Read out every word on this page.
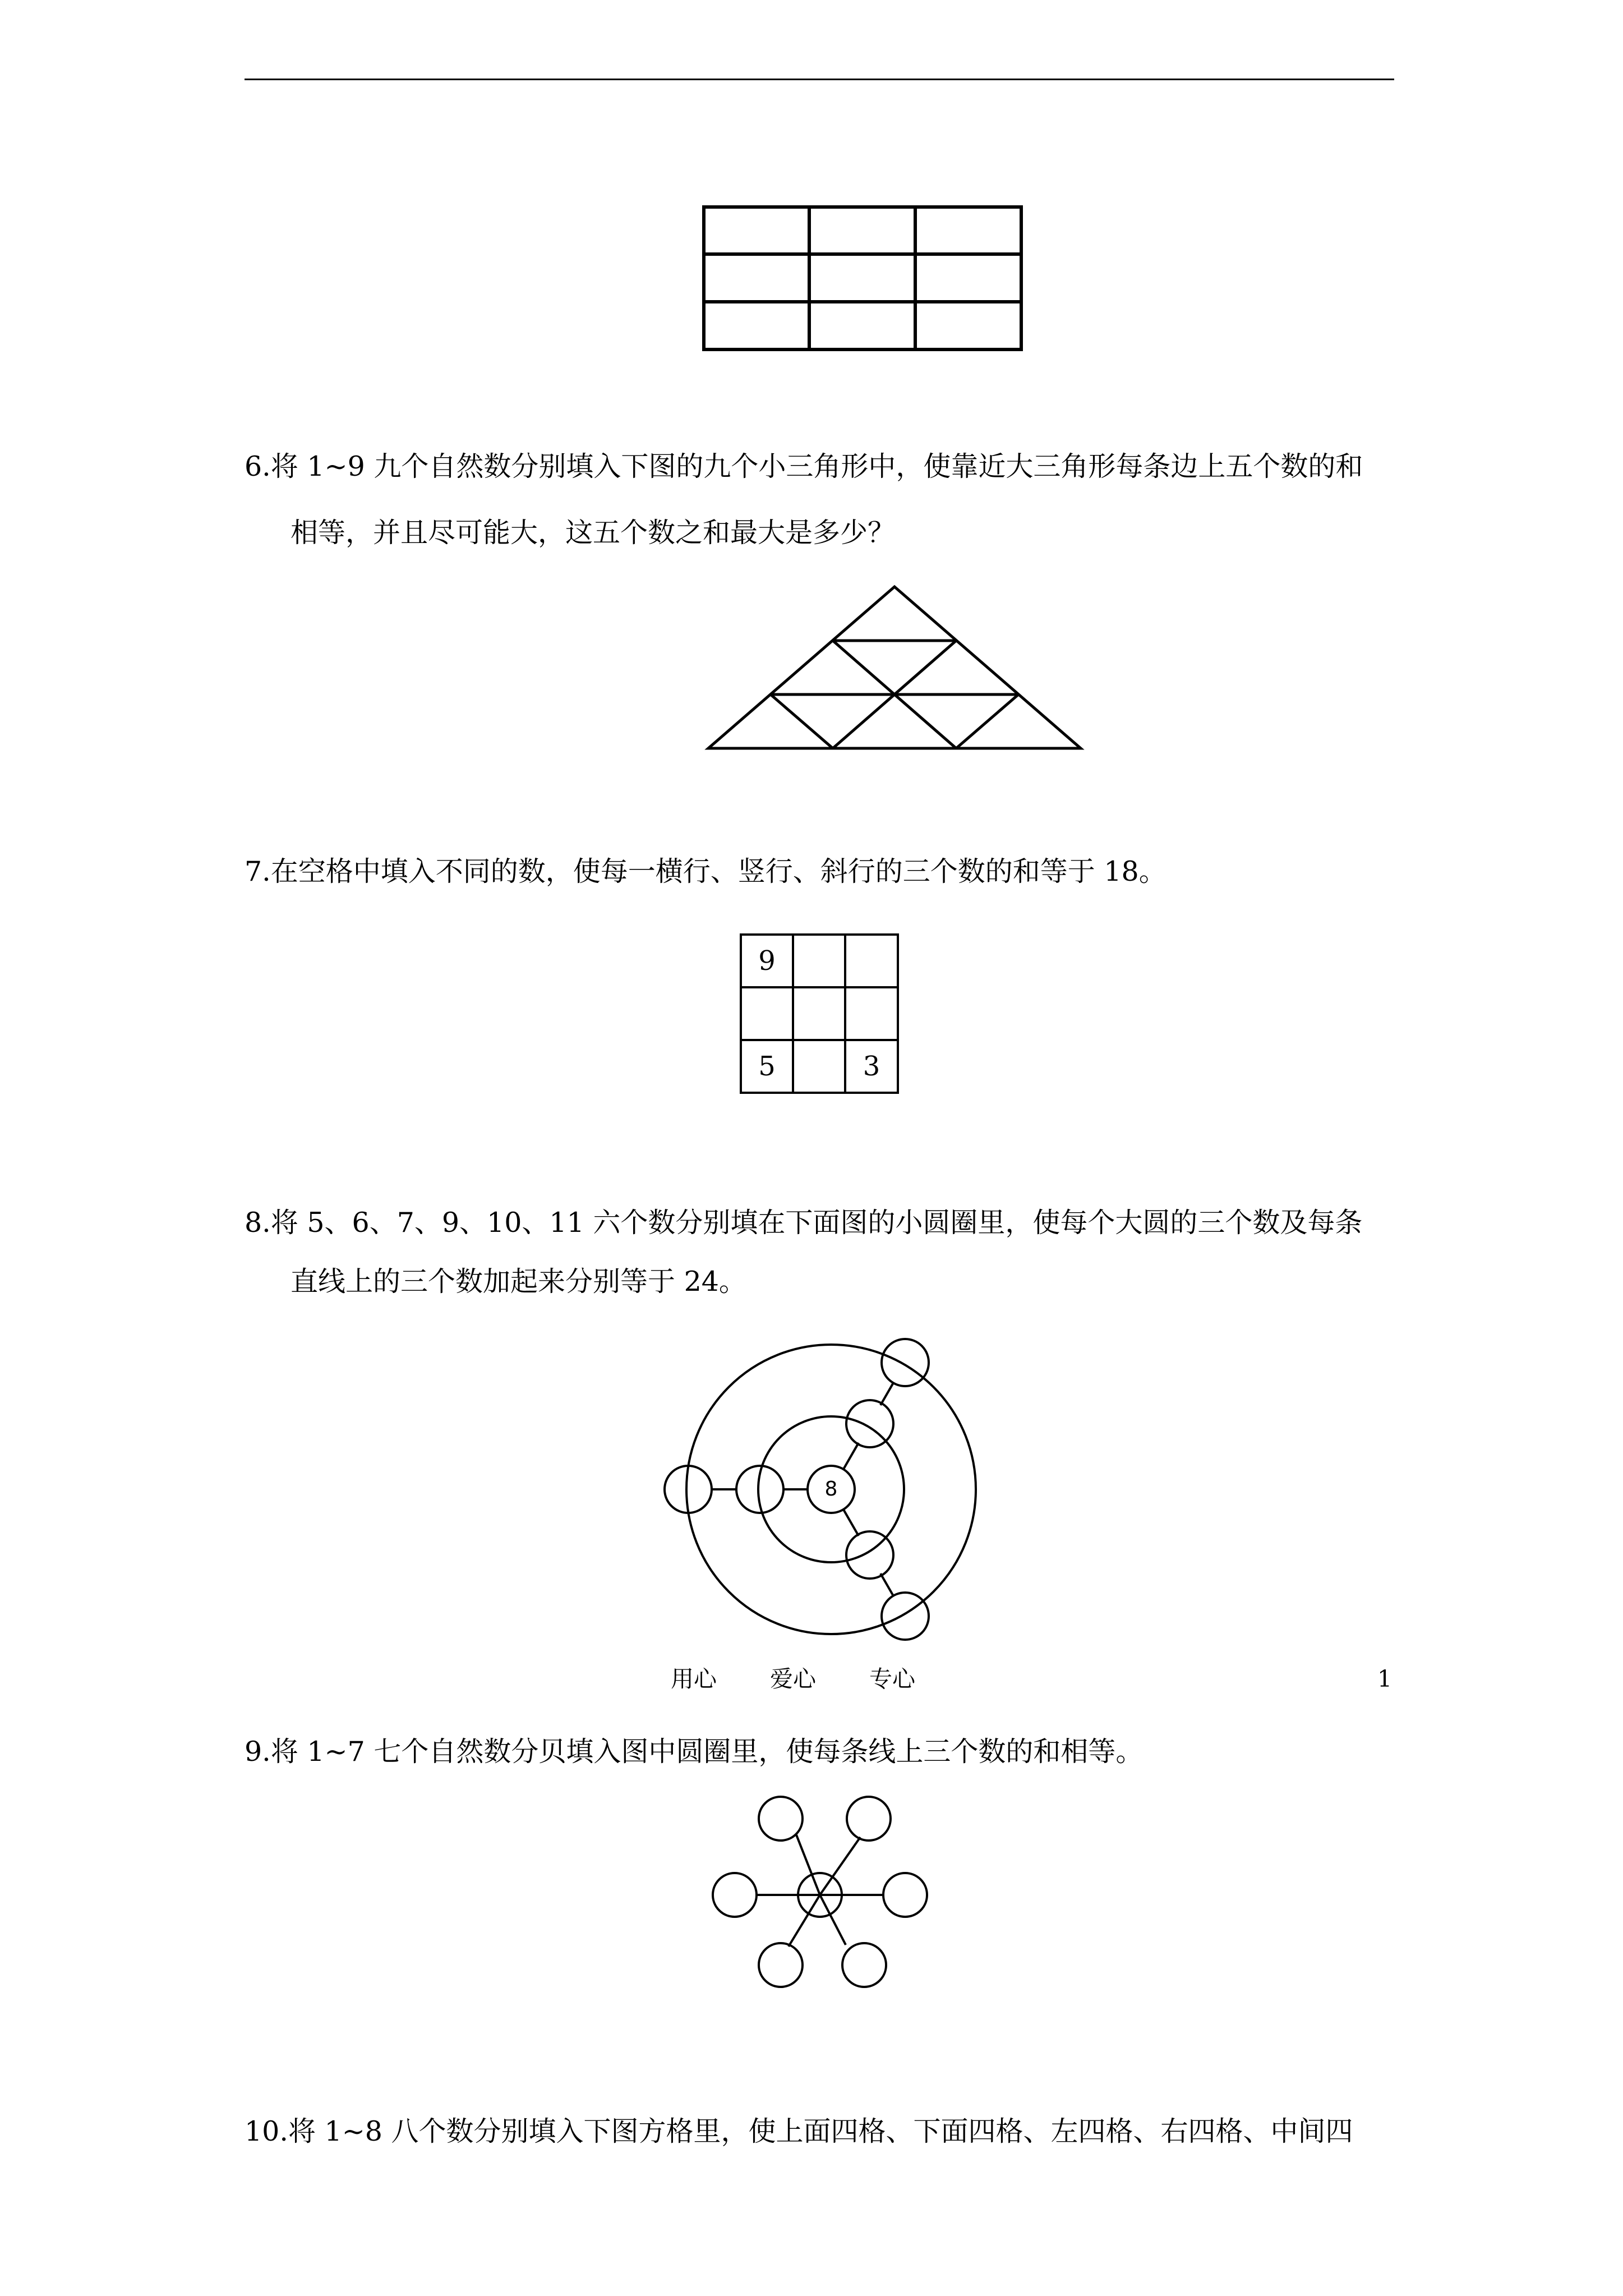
6.将 1~9 九个自然数分别填入下图的九个小三角形中，使靠近大三角形每条边上五个数的和
相等，并且尽可能大，这五个数之和最大是多少？
7.在空格中填入不同的数，使每一横行、竖行、斜行的三个数的和等于 18。
9
5	3
8.将 5、6、7、9、10、11 六个数分别填在下面图的小圆圈里，使每个大圆的三个数及每条
直线上的三个数加起来分别等于 24。
8
9.将 1~7 七个自然数分贝填入图中圆圈里，使每条线上三个数的和相等。
10.将 1~8 八个数分别填入下图方格里，使上面四格、下面四格、左四格、右四格、中间四
用心 爱心 专心	1
